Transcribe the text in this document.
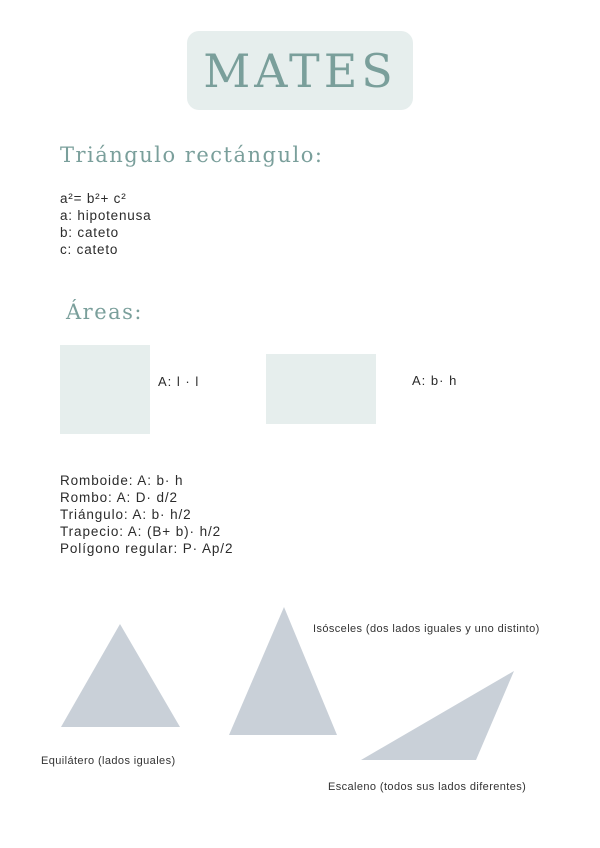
MATES
Triángulo rectángulo:
a²= b²+ c²
a: hipotenusa
b: cateto
c: cateto
Áreas:
A: l · l	A: b· h
Romboide: A: b· h
Rombo: A: D· d/2
Triángulo: A: b· h/2
Trapecio: A: (B+ b)· h/2
Polígono regular: P· Ap/2
Isósceles (dos lados iguales y uno distinto)
Equilátero (lados iguales)
Escaleno (todos sus lados diferentes)
